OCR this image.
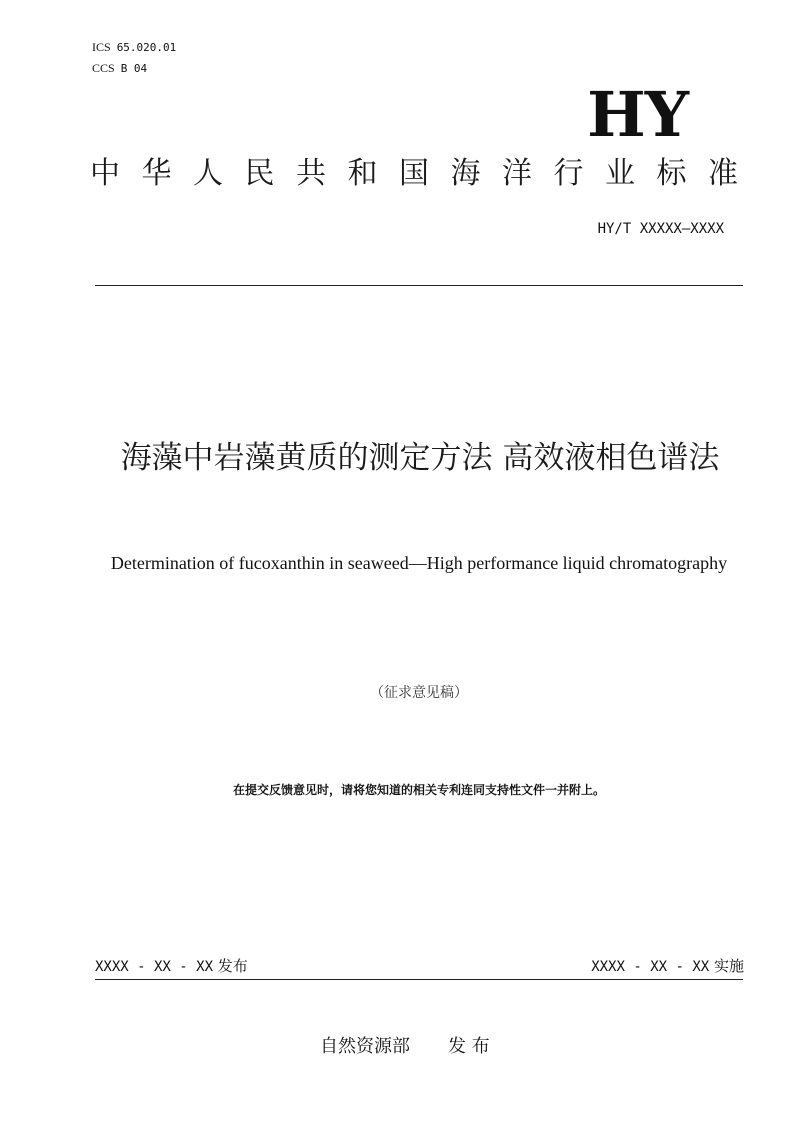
ICS 65.020.01
CCS B 04
HY
中 华 人 民 共 和 国 海 洋 行 业 标 准
HY/T XXXXX—XXXX
海藻中岩藻黄质的测定方法 高效液相色谱法
Determination of fucoxanthin in seaweed—High performance liquid chromatography
（征求意见稿）
在提交反馈意见时，请将您知道的相关专利连同支持性文件一并附上。
XXXX - XX - XX 发布	XXXX - XX - XX 实施
自然资源部 发 布
